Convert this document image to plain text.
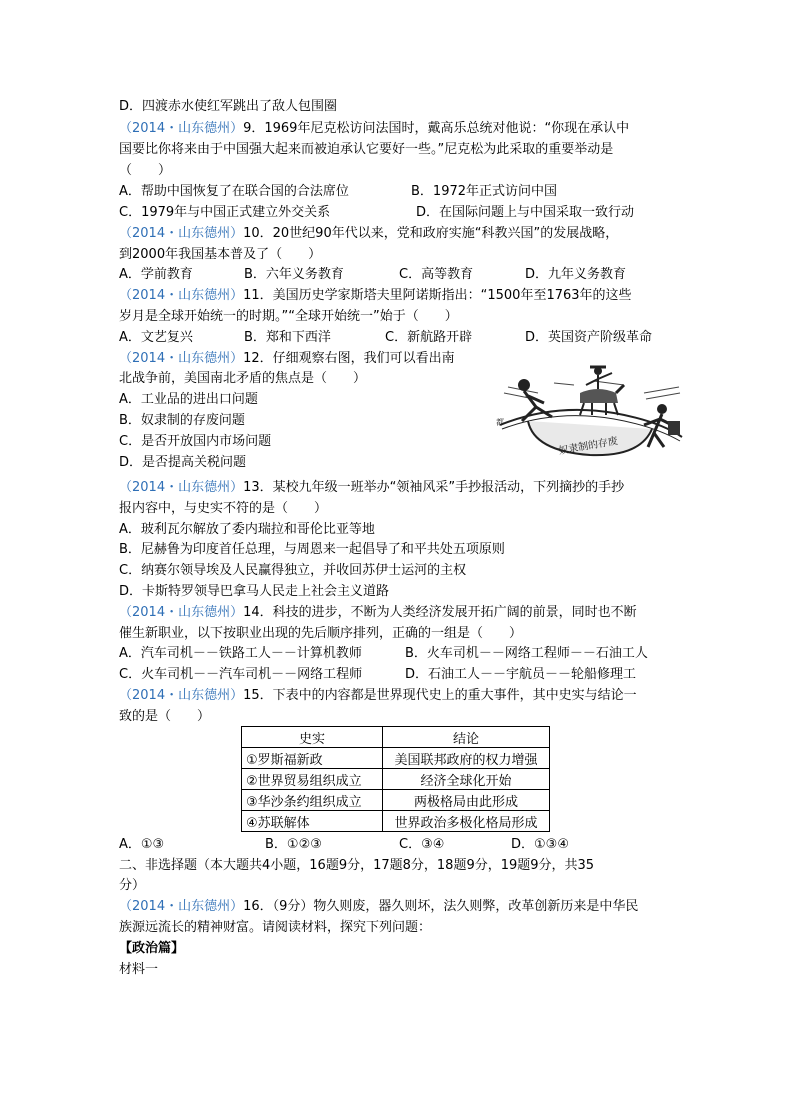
D．四渡赤水使红军跳出了敌人包围圈
（2014・山东德州）9．1969年尼克松访问法国时，戴高乐总统对他说：“你现在承认中
国要比你将来由于中国强大起来而被迫承认它要好一些。”尼克松为此采取的重要举动是
（　　）
A．帮助中国恢复了在联合国的合法席位	B．1972年正式访问中国
C．1979年与中国正式建立外交关系	D．在国际问题上与中国采取一致行动
（2014・山东德州）10．20世纪90年代以来，党和政府实施“科教兴国”的发展战略，
到2000年我国基本普及了（　　）
A．学前教育	B．六年义务教育	C．高等教育	D．九年义务教育
（2014・山东德州）11．美国历史学家斯塔夫里阿诺斯指出：“1500年至1763年的这些
岁月是全球开始统一的时期。”“全球开始统一”始于（　　）
A．文艺复兴	B．郑和下西洋	C．新航路开辟	D．英国资产阶级革命
（2014・山东德州）12．仔细观察右图，我们可以看出南
北战争前，美国南北矛盾的焦点是（　　）
A．工业品的进出口问题
B．奴隶制的存废问题
C．是否开放国内市场问题
D．是否提高关税问题
奴隶制的存废
都
（2014・山东德州）13．某校九年级一班举办“领袖风采”手抄报活动，下列摘抄的手抄
报内容中，与史实不符的是（　　）
A．玻利瓦尔解放了委内瑞拉和哥伦比亚等地
B．尼赫鲁为印度首任总理，与周恩来一起倡导了和平共处五项原则
C．纳赛尔领导埃及人民赢得独立，并收回苏伊士运河的主权
D．卡斯特罗领导巴拿马人民走上社会主义道路
（2014・山东德州）14．科技的进步，不断为人类经济发展开拓广阔的前景，同时也不断
催生新职业，以下按职业出现的先后顺序排列，正确的一组是（　　）
A．汽车司机－－铁路工人－－计算机教师	B．火车司机－－网络工程师－－石油工人
C．火车司机－－汽车司机－－网络工程师	D．石油工人－－宇航员－－轮船修理工
（2014・山东德州）15．下表中的内容都是世界现代史上的重大事件，其中史实与结论一
致的是（　　）
史实	结论
①罗斯福新政	美国联邦政府的权力增强
②世界贸易组织成立	经济全球化开始
③华沙条约组织成立	两极格局由此形成
④苏联解体	世界政治多极化格局形成
A．①③	B．①②③	C．③④	D．①③④
二、非选择题（本大题共4小题，16题9分，17题8分，18题9分，19题9分，共35
分）
（2014・山东德州）16．（9分）物久则废，器久则坏，法久则弊，改革创新历来是中华民
族源远流长的精神财富。请阅读材料，探究下列问题：
【政治篇】
材料一
